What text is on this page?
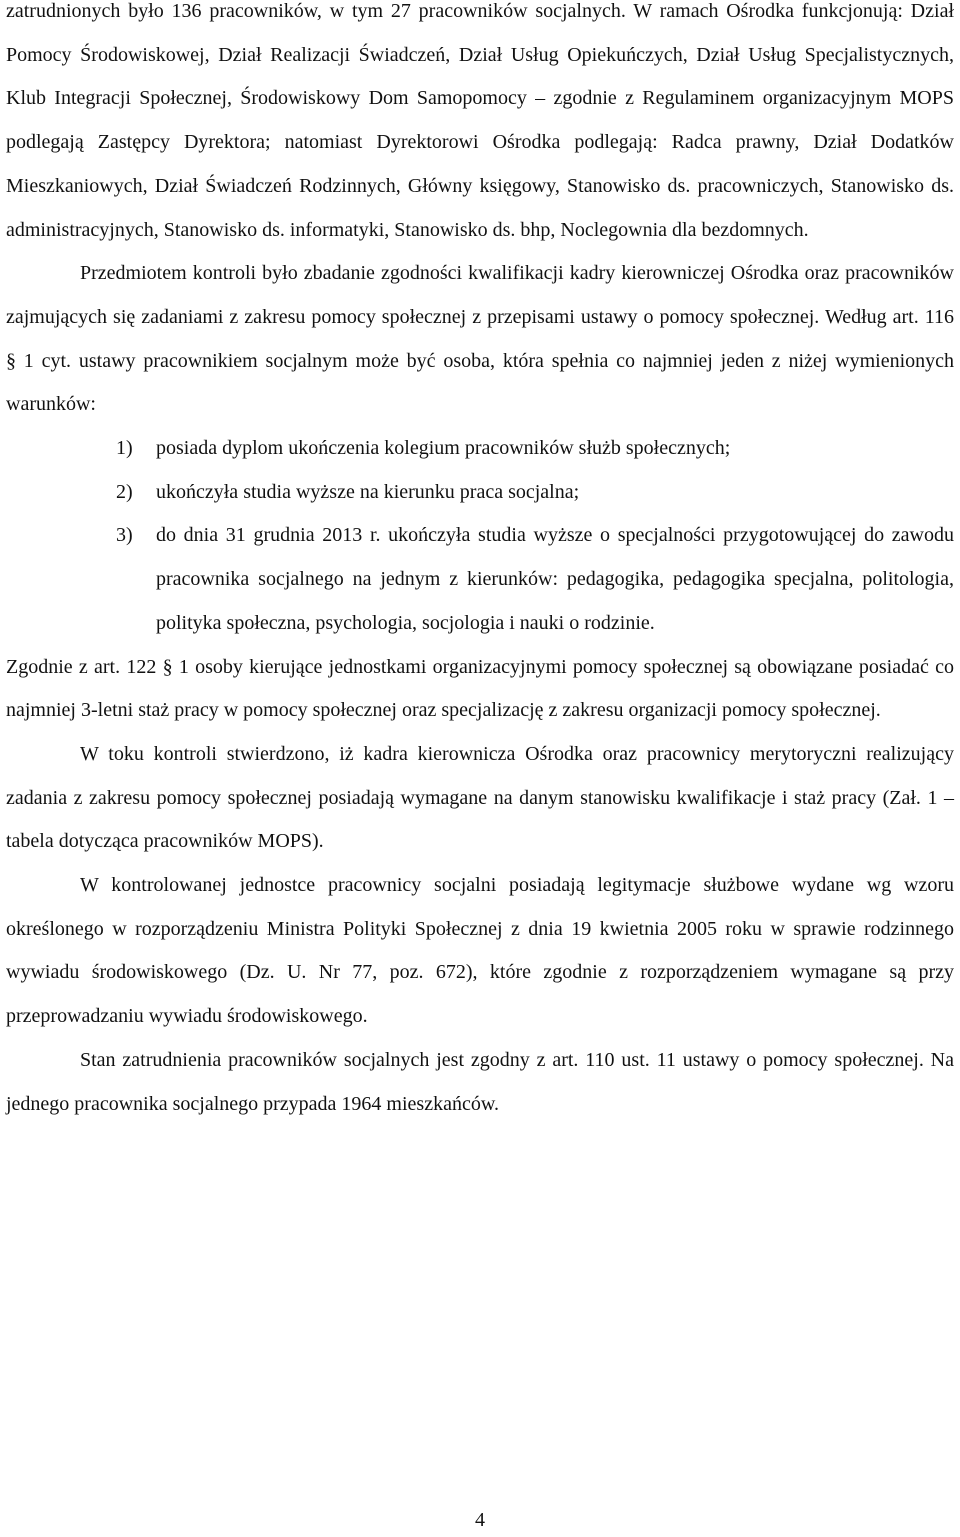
zatrudnionych było 136 pracowników, w tym 27 pracowników socjalnych. W ramach Ośrodka funkcjonują: Dział Pomocy Środowiskowej, Dział Realizacji Świadczeń, Dział Usług Opiekuńczych, Dział Usług Specjalistycznych, Klub Integracji Społecznej, Środowiskowy Dom Samopomocy – zgodnie z Regulaminem organizacyjnym MOPS podlegają Zastępcy Dyrektora; natomiast Dyrektorowi Ośrodka podlegają: Radca prawny, Dział Dodatków Mieszkaniowych, Dział Świadczeń Rodzinnych, Główny księgowy, Stanowisko ds. pracowniczych, Stanowisko ds. administracyjnych, Stanowisko ds. informatyki, Stanowisko ds. bhp, Noclegownia dla bezdomnych.

Przedmiotem kontroli było zbadanie zgodności kwalifikacji kadry kierowniczej Ośrodka oraz pracowników zajmujących się zadaniami z zakresu pomocy społecznej z przepisami ustawy o pomocy społecznej. Według art. 116 § 1 cyt. ustawy pracownikiem socjalnym może być osoba, która spełnia co najmniej jeden z niżej wymienionych warunków:

1) posiada dyplom ukończenia kolegium pracowników służb społecznych;
2) ukończyła studia wyższe na kierunku praca socjalna;
3) do dnia 31 grudnia 2013 r. ukończyła studia wyższe o specjalności przygotowującej do zawodu pracownika socjalnego na jednym z kierunków: pedagogika, pedagogika specjalna, politologia, polityka społeczna, psychologia, socjologia i nauki o rodzinie.

Zgodnie z art. 122 § 1 osoby kierujące jednostkami organizacyjnymi pomocy społecznej są obowiązane posiadać co najmniej 3-letni staż pracy w pomocy społecznej oraz specjalizację z zakresu organizacji pomocy społecznej.

W toku kontroli stwierdzono, iż kadra kierownicza Ośrodka oraz pracownicy merytoryczni realizujący zadania z zakresu pomocy społecznej posiadają wymagane na danym stanowisku kwalifikacje i staż pracy (Zał. 1 – tabela dotycząca pracowników MOPS).

W kontrolowanej jednostce pracownicy socjalni posiadają legitymacje służbowe wydane wg wzoru określonego w rozporządzeniu Ministra Polityki Społecznej z dnia 19 kwietnia 2005 roku w sprawie rodzinnego wywiadu środowiskowego (Dz. U. Nr 77, poz. 672), które zgodnie z rozporządzeniem wymagane są przy przeprowadzaniu wywiadu środowiskowego.

Stan zatrudnienia pracowników socjalnych jest zgodny z art. 110 ust. 11 ustawy o pomocy społecznej. Na jednego pracownika socjalnego przypada 1964 mieszkańców.

4
